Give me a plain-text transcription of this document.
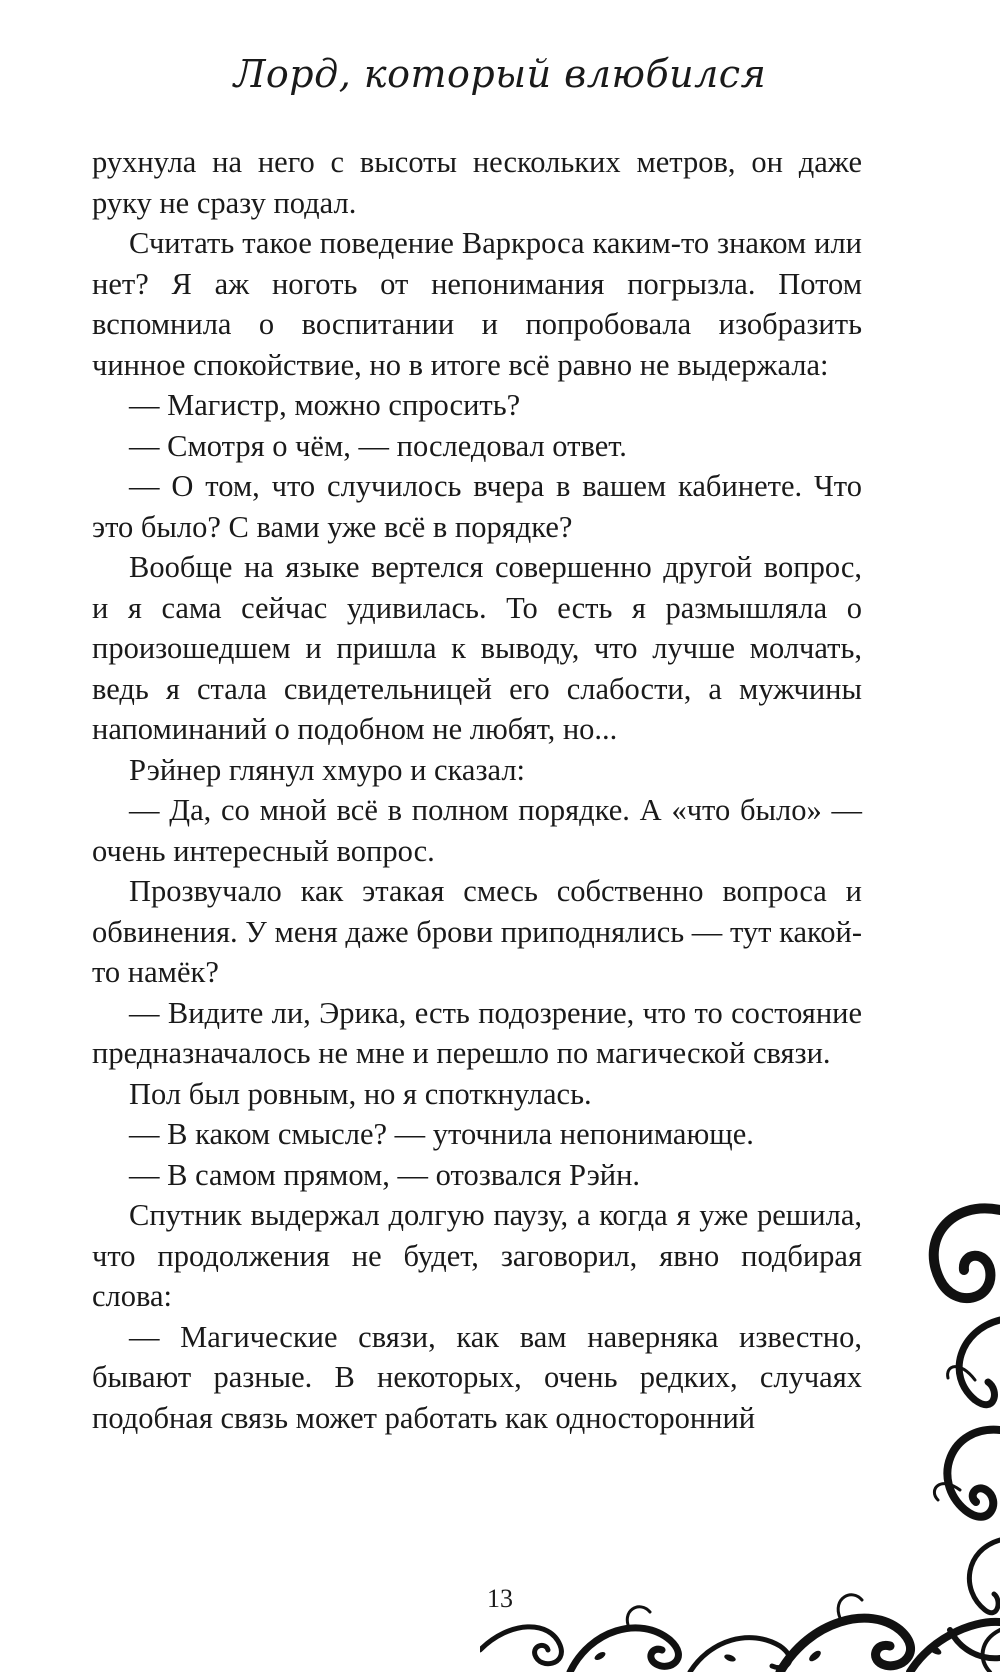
Лорд, который влюбился

рухнула на него с высоты нескольких метров, он даже руку не сразу подал.

Считать такое поведение Варкроса каким-то знаком или нет? Я аж ноготь от непонимания погрызла. Потом вспомнила о воспитании и попробовала изобразить чинное спокойствие, но в итоге всё равно не выдержала:

— Магистр, можно спросить?

— Смотря о чём, — последовал ответ.

— О том, что случилось вчера в вашем кабинете. Что это было? С вами уже всё в порядке?

Вообще на языке вертелся совершенно другой вопрос, и я сама сейчас удивилась. То есть я размышляла о произошедшем и пришла к выводу, что лучше молчать, ведь я стала свидетельницей его слабости, а мужчины напоминаний о подобном не любят, но...

Рэйнер глянул хмуро и сказал:

— Да, со мной всё в полном порядке. А «что было» — очень интересный вопрос.

Прозвучало как этакая смесь собственно вопроса и обвинения. У меня даже брови приподнялись — тут какой-то намёк?

— Видите ли, Эрика, есть подозрение, что то состояние предназначалось не мне и перешло по магической связи.

Пол был ровным, но я споткнулась.

— В каком смысле? — уточнила непонимающе.

— В самом прямом, — отозвался Рэйн.

Спутник выдержал долгую паузу, а когда я уже решила, что продолжения не будет, заговорил, явно подбирая слова:

— Магические связи, как вам наверняка известно, бывают разные. В некоторых, очень редких, случаях подобная связь может работать как односторонний

13
